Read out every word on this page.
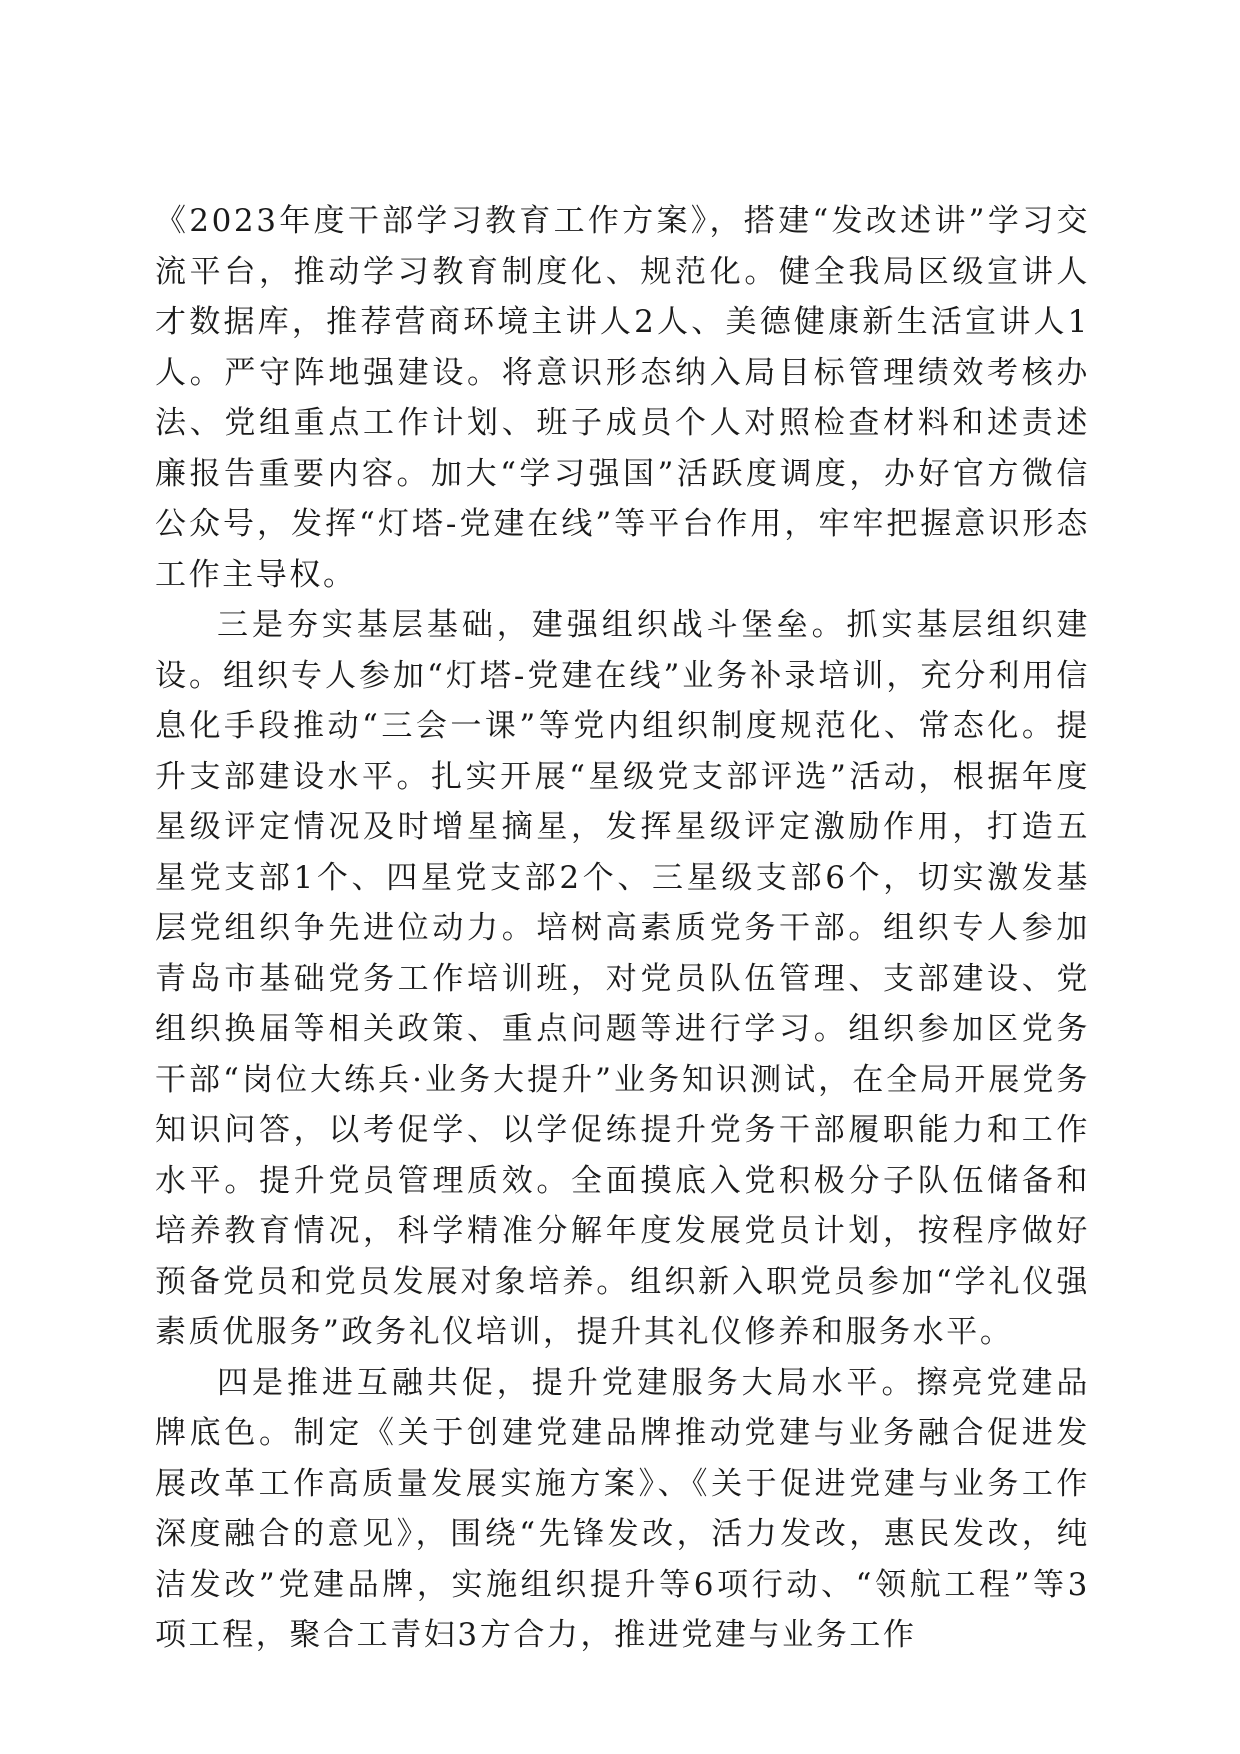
《2023年度干部学习教育工作方案》，搭建“发改述讲”学习交流平台，推动学习教育制度化、规范化。健全我局区级宣讲人才数据库，推荐营商环境主讲人2人、美德健康新生活宣讲人1人。严守阵地强建设。将意识形态纳入局目标管理绩效考核办法、党组重点工作计划、班子成员个人对照检查材料和述责述廉报告重要内容。加大“学习强国”活跃度调度，办好官方微信公众号，发挥“灯塔-党建在线”等平台作用，牢牢把握意识形态工作主导权。

三是夯实基层基础，建强组织战斗堡垒。抓实基层组织建设。组织专人参加“灯塔-党建在线”业务补录培训，充分利用信息化手段推动“三会一课”等党内组织制度规范化、常态化。提升支部建设水平。扎实开展“星级党支部评选”活动，根据年度星级评定情况及时增星摘星，发挥星级评定激励作用，打造五星党支部1个、四星党支部2个、三星级支部6个，切实激发基层党组织争先进位动力。培树高素质党务干部。组织专人参加青岛市基础党务工作培训班，对党员队伍管理、支部建设、党组织换届等相关政策、重点问题等进行学习。组织参加区党务干部“岗位大练兵·业务大提升”业务知识测试，在全局开展党务知识问答，以考促学、以学促练提升党务干部履职能力和工作水平。提升党员管理质效。全面摸底入党积极分子队伍储备和培养教育情况，科学精准分解年度发展党员计划，按程序做好预备党员和党员发展对象培养。组织新入职党员参加“学礼仪强素质优服务”政务礼仪培训，提升其礼仪修养和服务水平。

四是推进互融共促，提升党建服务大局水平。擦亮党建品牌底色。制定《关于创建党建品牌推动党建与业务融合促进发展改革工作高质量发展实施方案》、《关于促进党建与业务工作深度融合的意见》，围绕“先锋发改，活力发改，惠民发改，纯洁发改”党建品牌，实施组织提升等6项行动、“领航工程”等3项工程，聚合工青妇3方合力，推进党建与业务工作
